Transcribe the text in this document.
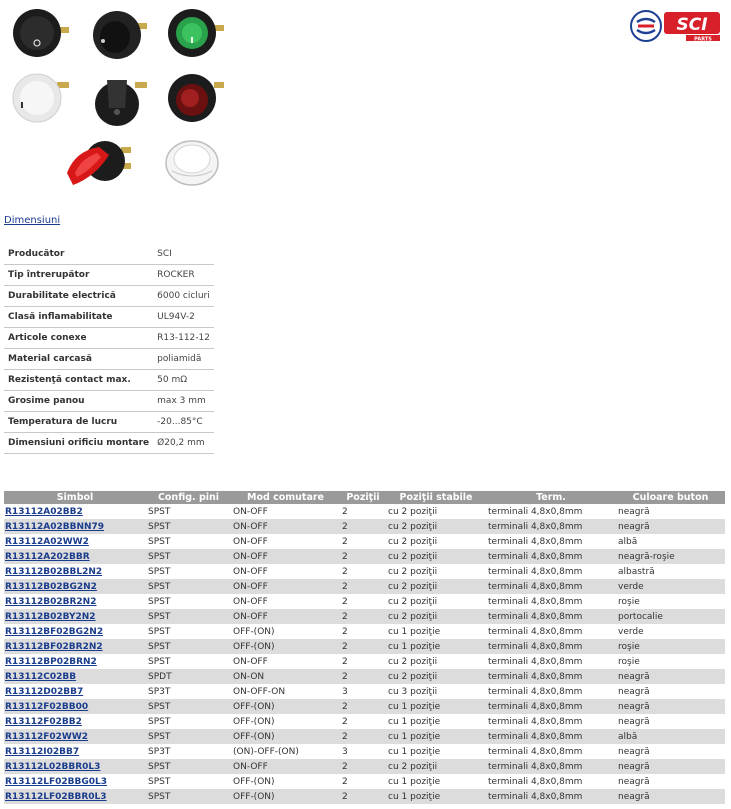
SCI
PARTS
Dimensiuni
Producător	SCI
Tip întrerupător	ROCKER
Durabilitate electrică	6000 cicluri
Clasă inflamabilitate	UL94V-2
Articole conexe	R13-112-12
Material carcasă	poliamidă
Rezistenţă contact max.	50 mΩ
Grosime panou	max 3 mm
Temperatura de lucru	-20...85°C
Dimensiuni orificiu montare	Ø20,2 mm
Simbol	Config. pini	Mod comutare	Poziţii	Poziţii stabile	Term.	Culoare buton
R13112A02BB2	SPST	ON-OFF	2	cu 2 poziţii	terminali 4,8x0,8mm	neagră
R13112A02BBNN79	SPST	ON-OFF	2	cu 2 poziţii	terminali 4,8x0,8mm	neagră
R13112A02WW2	SPST	ON-OFF	2	cu 2 poziţii	terminali 4,8x0,8mm	albă
R13112A202BBR	SPST	ON-OFF	2	cu 2 poziţii	terminali 4,8x0,8mm	neagră-roşie
R13112B02BBL2N2	SPST	ON-OFF	2	cu 2 poziţii	terminali 4,8x0,8mm	albastră
R13112B02BG2N2	SPST	ON-OFF	2	cu 2 poziţii	terminali 4,8x0,8mm	verde
R13112B02BR2N2	SPST	ON-OFF	2	cu 2 poziţii	terminali 4,8x0,8mm	roşie
R13112B02BY2N2	SPST	ON-OFF	2	cu 2 poziţii	terminali 4,8x0,8mm	portocalie
R13112BF02BG2N2	SPST	OFF-(ON)	2	cu 1 poziţie	terminali 4,8x0,8mm	verde
R13112BF02BR2N2	SPST	OFF-(ON)	2	cu 1 poziţie	terminali 4,8x0,8mm	roşie
R13112BP02BRN2	SPST	ON-OFF	2	cu 2 poziţii	terminali 4,8x0,8mm	roşie
R13112C02BB	SPDT	ON-ON	2	cu 2 poziţii	terminali 4,8x0,8mm	neagră
R13112D02BB7	SP3T	ON-OFF-ON	3	cu 3 poziţii	terminali 4,8x0,8mm	neagră
R13112F02BB00	SPST	OFF-(ON)	2	cu 1 poziţie	terminali 4,8x0,8mm	neagră
R13112F02BB2	SPST	OFF-(ON)	2	cu 1 poziţie	terminali 4,8x0,8mm	neagră
R13112F02WW2	SPST	OFF-(ON)	2	cu 1 poziţie	terminali 4,8x0,8mm	albă
R13112I02BB7	SP3T	(ON)-OFF-(ON)	3	cu 1 poziţie	terminali 4,8x0,8mm	neagră
R13112L02BBR0L3	SPST	ON-OFF	2	cu 2 poziţii	terminali 4,8x0,8mm	neagră
R13112LF02BBG0L3	SPST	OFF-(ON)	2	cu 1 poziţie	terminali 4,8x0,8mm	neagră
R13112LF02BBR0L3	SPST	OFF-(ON)	2	cu 1 poziţie	terminali 4,8x0,8mm	neagră
